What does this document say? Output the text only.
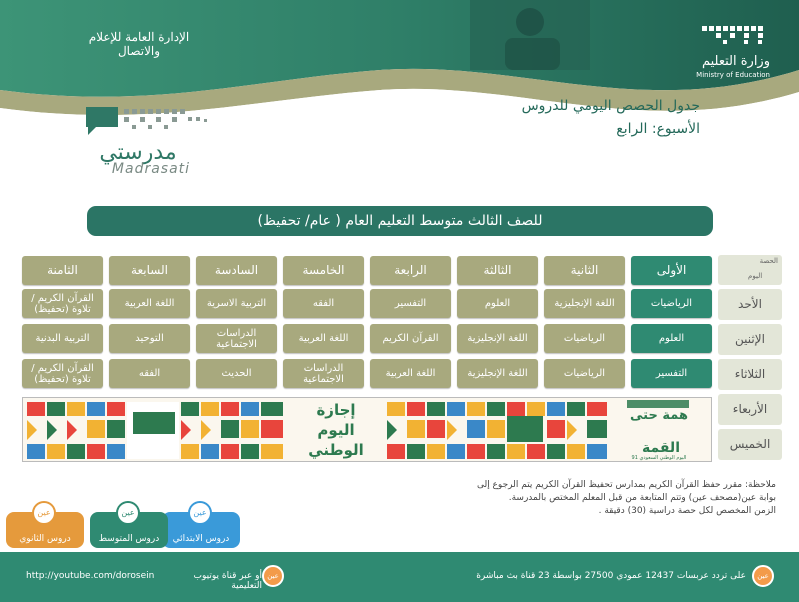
الإدارة العامة للإعلام والاتصال
وزارة التعليم
Ministry of Education
جدول الحصص اليومي للدروس
الأسبوع: الرابع
مدرستي
Madrasati
للصف الثالث متوسط التعليم العام ( عام/ تحفيظ)
الحصة
اليوم
الأولى
الثانية
الثالثة
الرابعة
الخامسة
السادسة
السابعة
الثامنة
الأحد
الإثنين
الثلاثاء
الأربعاء
الخميس
الرياضيات
اللغة الإنجليزية
العلوم
التفسير
الفقه
التربية الاسرية
اللغة العربية
القرآن الكريم / تلاوة (تحفيظ)
العلوم
الرياضيات
اللغة الإنجليزية
القرآن الكريم
اللغة العربية
الدراسات الاجتماعية
التوحيد
التربية البدنية
التفسير
الرياضيات
اللغة الإنجليزية
اللغة العربية
الدراسات الاجتماعية
الحديث
الفقه
القرآن الكريم / تلاوة (تحفيظ)
إجازة
اليوم
الوطني
همة حتى
القمة
اليوم الوطني السعودي 91
ملاحظة: مقرر حفظ القرآن الكريم بمدارس تحفيظ القرآن الكريم يتم الرجوع إلى
بوابة عين(مصحف عين) وتتم المتابعة من قبل المعلم المختص بالمدرسة.
الزمن المخصص لكل حصة دراسية (30) دقيقة .
عين
دروس الابتدائي
عين
دروس المتوسط
عين
دروس الثانوي
عين
على تردد عربسات 12437 عمودي 27500 بواسطة 23 قناة بث مباشرة
عين
أو عبر قناة يوتيوب التعليمية
http://youtube.com/dorosein
